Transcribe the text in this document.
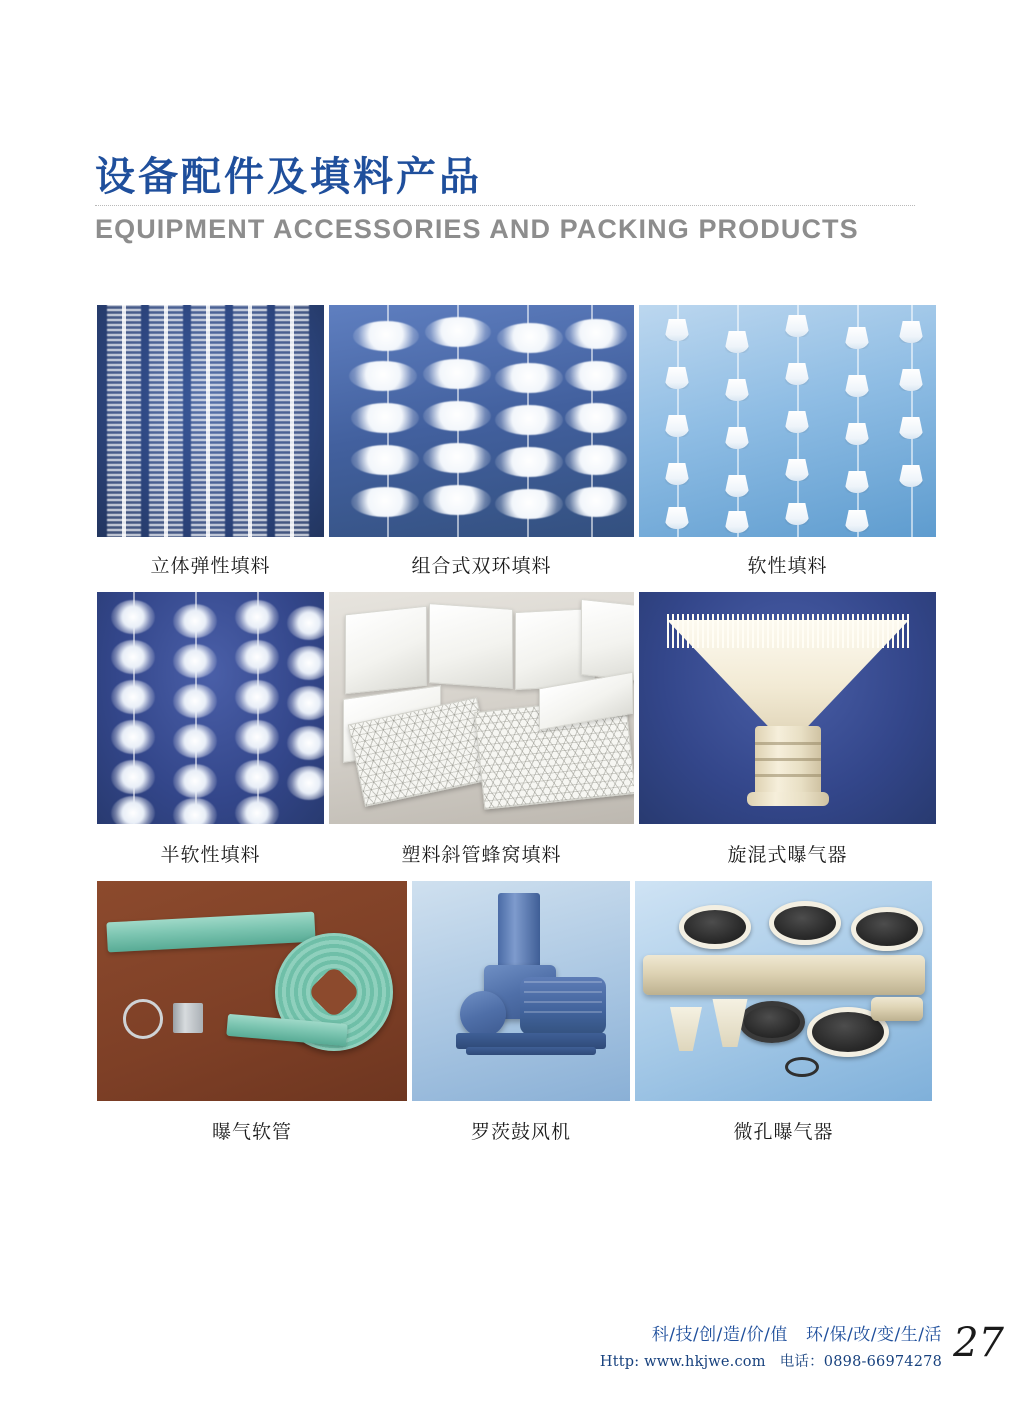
设备配件及填料产品
EQUIPMENT ACCESSORIES AND PACKING PRODUCTS
立体弹性填料	组合式双环填料	软性填料
半软性填料	塑料斜管蜂窝填料	旋混式曝气器
曝气软管	罗茨鼓风机	微孔曝气器
科/技/创/造/价/值 环/保/改/变/生/活
Http: www.hkjwe.com 电话：0898-66974278 27
